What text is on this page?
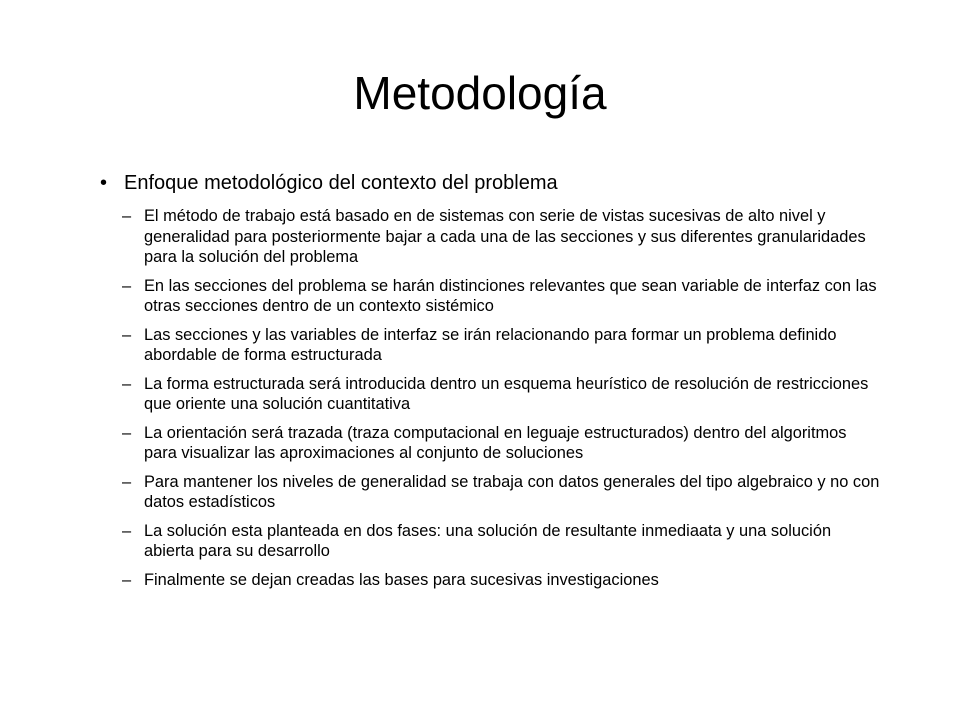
Metodología
• Enfoque metodológico del contexto del problema
– El método de trabajo está basado en de sistemas con serie de vistas sucesivas de alto nivel y generalidad para posteriormente bajar a cada una de las secciones y sus diferentes granularidades para la solución del problema
– En las secciones del problema se harán distinciones relevantes que sean variable de interfaz con las otras secciones dentro de un contexto sistémico
– Las secciones y las variables de interfaz se irán relacionando para formar un problema definido abordable de forma estructurada
– La forma estructurada será introducida dentro un esquema heurístico de resolución de restricciones que oriente una solución cuantitativa
– La orientación será trazada (traza computacional en leguaje estructurados) dentro del algoritmos para visualizar las aproximaciones al conjunto de soluciones
– Para mantener los niveles de generalidad se trabaja con datos generales del tipo algebraico y no con datos estadísticos
– La solución esta planteada en dos fases: una solución de resultante inmediaata y una solución abierta para su desarrollo
– Finalmente se dejan creadas las bases para sucesivas investigaciones
